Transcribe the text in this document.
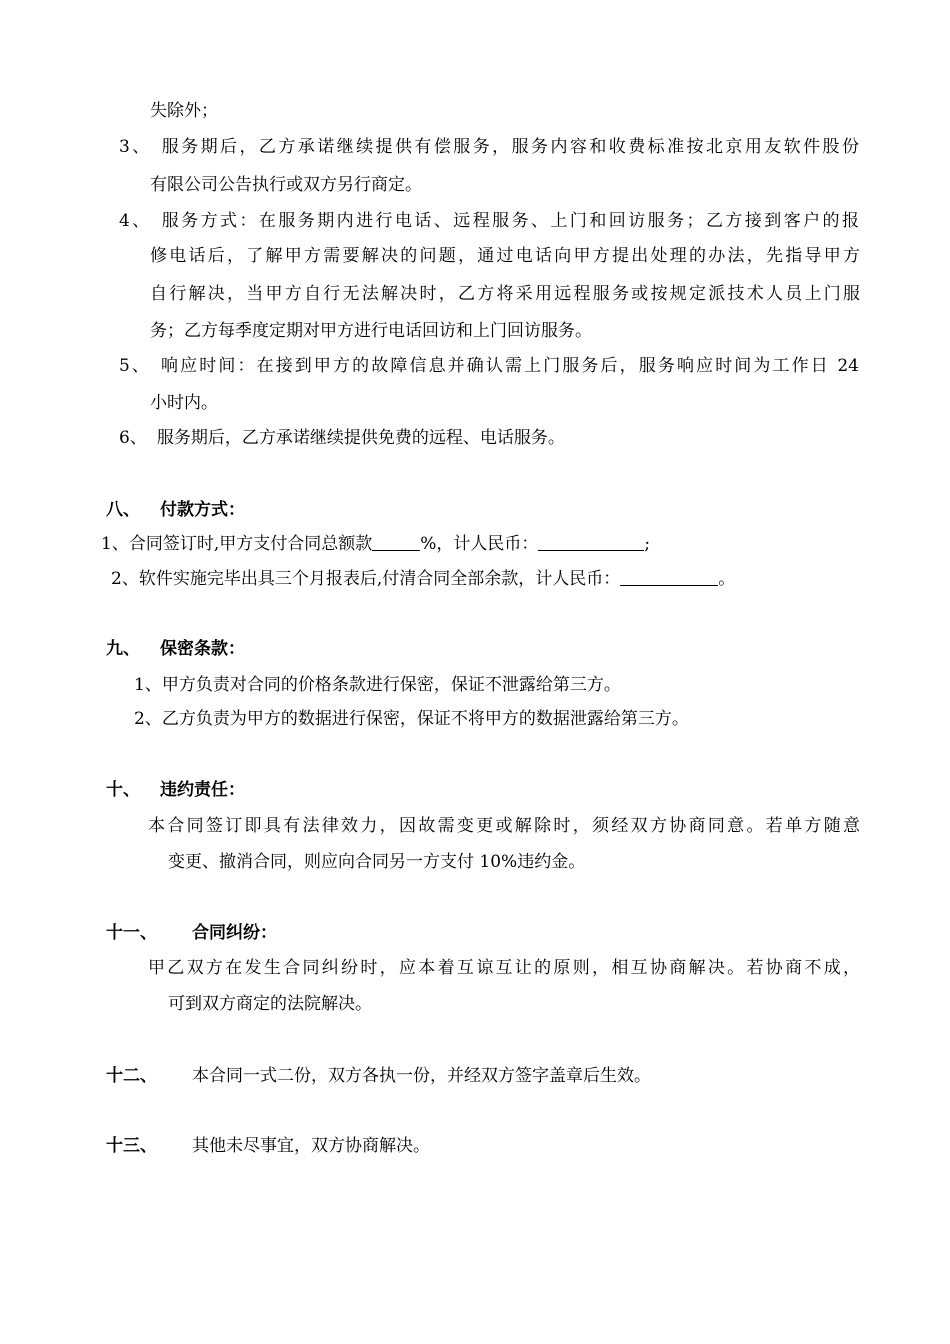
失除外；
3、 服务期后，乙方承诺继续提供有偿服务，服务内容和收费标准按北京用友软件股份
有限公司公告执行或双方另行商定。
4、 服务方式：在服务期内进行电话、远程服务、上门和回访服务；乙方接到客户的报
修电话后，了解甲方需要解决的问题，通过电话向甲方提出处理的办法，先指导甲方
自行解决，当甲方自行无法解决时，乙方将采用远程服务或按规定派技术人员上门服
务；乙方每季度定期对甲方进行电话回访和上门回访服务。
5、 响应时间：在接到甲方的故障信息并确认需上门服务后，服务响应时间为工作日 24
小时内。
6、 服务期后，乙方承诺继续提供免费的远程、电话服务。
八、 付款方式：
1、合同签订时,甲方支付合同总额款	%，计人民币：	;
2、软件实施完毕出具三个月报表后,付清合同全部余款，计人民币：	。
九、 保密条款：
1、甲方负责对合同的价格条款进行保密，保证不泄露给第三方。
2、乙方负责为甲方的数据进行保密，保证不将甲方的数据泄露给第三方。
十、 违约责任：
本合同签订即具有法律效力，因故需变更或解除时，须经双方协商同意。若单方随意
变更、撤消合同，则应向合同另一方支付 10%违约金。
十一、 合同纠纷：
甲乙双方在发生合同纠纷时，应本着互谅互让的原则，相互协商解决。若协商不成，
可到双方商定的法院解决。
十二、 本合同一式二份，双方各执一份，并经双方签字盖章后生效。
十三、 其他未尽事宜，双方协商解决。
